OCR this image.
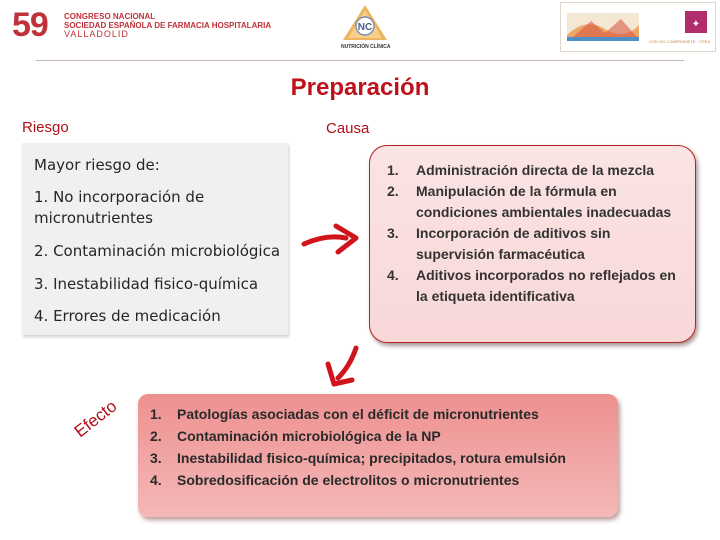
59 CONGRESO NACIONAL
SOCIEDAD ESPAÑOLA DE FARMACIA HOSPITALARIA
VALLADOLID
NC
NUTRICIÓN CLÍNICA
✦
CON OG COMPROMETE · CREA
Preparación
Riesgo	Causa
Mayor riesgo de:
1. No incorporación de micronutrientes
2. Contaminación microbiológica
3. Inestabilidad fisico-química
4. Errores de medicación
1. Administración directa de la mezcla
2. Manipulación de la fórmula en condiciones ambientales inadecuadas
3. Incorporación de aditivos sin supervisión farmacéutica
4. Aditivos incorporados no reflejados en la etiqueta identificativa
Efecto 1. Patologías asociadas con el déficit de micronutrientes
2. Contaminación microbiológica de la NP
3. Inestabilidad fisico-química; precipitados, rotura emulsión
4. Sobredosificación de electrolitos o micronutrientes
